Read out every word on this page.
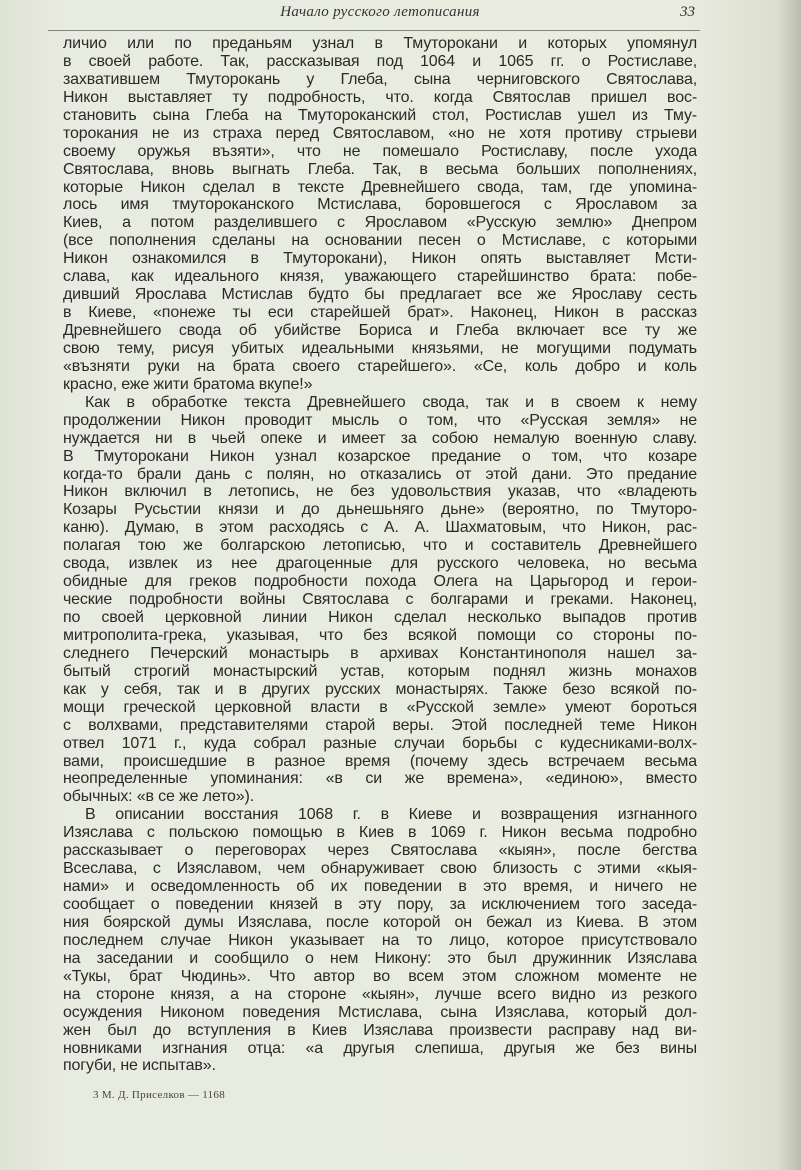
Начало русского летописания	33
личио или по преданьям узнал в Тмуторокани и которых упомянул
в своей работе. Так, рассказывая под 1064 и 1065 гг. о Ростиславе,
захватившем Тмуторокань у Глеба, сына черниговского Святослава,
Никон выставляет ту подробность, что. когда Святослав пришел вос-
становить сына Глеба на Тмутороканский стол, Ростислав ушел из Тму-
торокания не из страха перед Святославом, «но не хотя противу стрыеви
своему оружья възяти», что не помешало Ростиславу, после ухода
Святослава, вновь выгнать Глеба. Так, в весьма больших пополнениях,
которые Никон сделал в тексте Древнейшего свода, там, где упомина-
лось имя тмутороканского Мстислава, боровшегося с Ярославом за
Киев, а потом разделившего с Ярославом «Русскую землю» Днепром
(все пополнения сделаны на основании песен о Мстиславе, с которыми
Никон ознакомился в Тмуторокани), Никон опять выставляет Мсти-
слава, как идеального князя, уважающего старейшинство брата: побе-
дивший Ярослава Мстислав будто бы предлагает все же Ярославу сесть
в Киеве, «понеже ты еси старейшей брат». Наконец, Никон в рассказ
Древнейшего свода об убийстве Бориса и Глеба включает все ту же
свою тему, рисуя убитых идеальными князьями, не могущими подумать
«възняти руки на брата своего старейшего». «Се, коль добро и коль
красно, еже жити братома вкупе!»
Как в обработке текста Древнейшего свода, так и в своем к нему
продолжении Никон проводит мысль о том, что «Русская земля» не
нуждается ни в чьей опеке и имеет за собою немалую военную славу.
В Тмуторокани Никон узнал козарское предание о том, что козаре
когда-то брали дань с полян, но отказались от этой дани. Это предание
Никон включил в летопись, не без удовольствия указав, что «владеють
Козары Русьстии князи и до дьнешьняго дьне» (вероятно, по Тмуторо-
каню). Думаю, в этом расходясь с А. А. Шахматовым, что Никон, рас-
полагая тою же болгарскою летописью, что и составитель Древнейшего
свода, извлек из нее драгоценные для русского человека, но весьма
обидные для греков подробности похода Олега на Царьгород и герои-
ческие подробности войны Святослава с болгарами и греками. Наконец,
по своей церковной линии Никон сделал несколько выпадов против
митрополита-грека, указывая, что без всякой помощи со стороны по-
следнего Печерский монастырь в архивах Константинополя нашел за-
бытый строгий монастырский устав, которым поднял жизнь монахов
как у себя, так и в других русских монастырях. Также безо всякой по-
мощи греческой церковной власти в «Русской земле» умеют бороться
с волхвами, представителями старой веры. Этой последней теме Никон
отвел 1071 г., куда собрал разные случаи борьбы с кудесниками-волх-
вами, происшедшие в разное время (почему здесь встречаем весьма
неопределенные упоминания: «в си же времена», «единою», вместо
обычных: «в се же лето»).
В описании восстания 1068 г. в Киеве и возвращения изгнанного
Изяслава с польскою помощью в Киев в 1069 г. Никон весьма подробно
рассказывает о переговорах через Святослава «кыян», после бегства
Всеслава, с Изяславом, чем обнаруживает свою близость с этими «кыя-
нами» и осведомленность об их поведении в это время, и ничего не
сообщает о поведении князей в эту пору, за исключением того заседа-
ния боярской думы Изяслава, после которой он бежал из Киева. В этом
последнем случае Никон указывает на то лицо, которое присутствовало
на заседании и сообщило о нем Никону: это был дружинник Изяслава
«Тукы, брат Чюдинь». Что автор во всем этом сложном моменте не
на стороне князя, а на стороне «кыян», лучше всего видно из резкого
осуждения Никоном поведения Мстислава, сына Изяслава, который дол-
жен был до вступления в Киев Изяслава произвести расправу над ви-
новниками изгнания отца: «а другыя слепиша, другыя же без вины
погуби, не испытав».
3 М. Д. Приселков — 1168
